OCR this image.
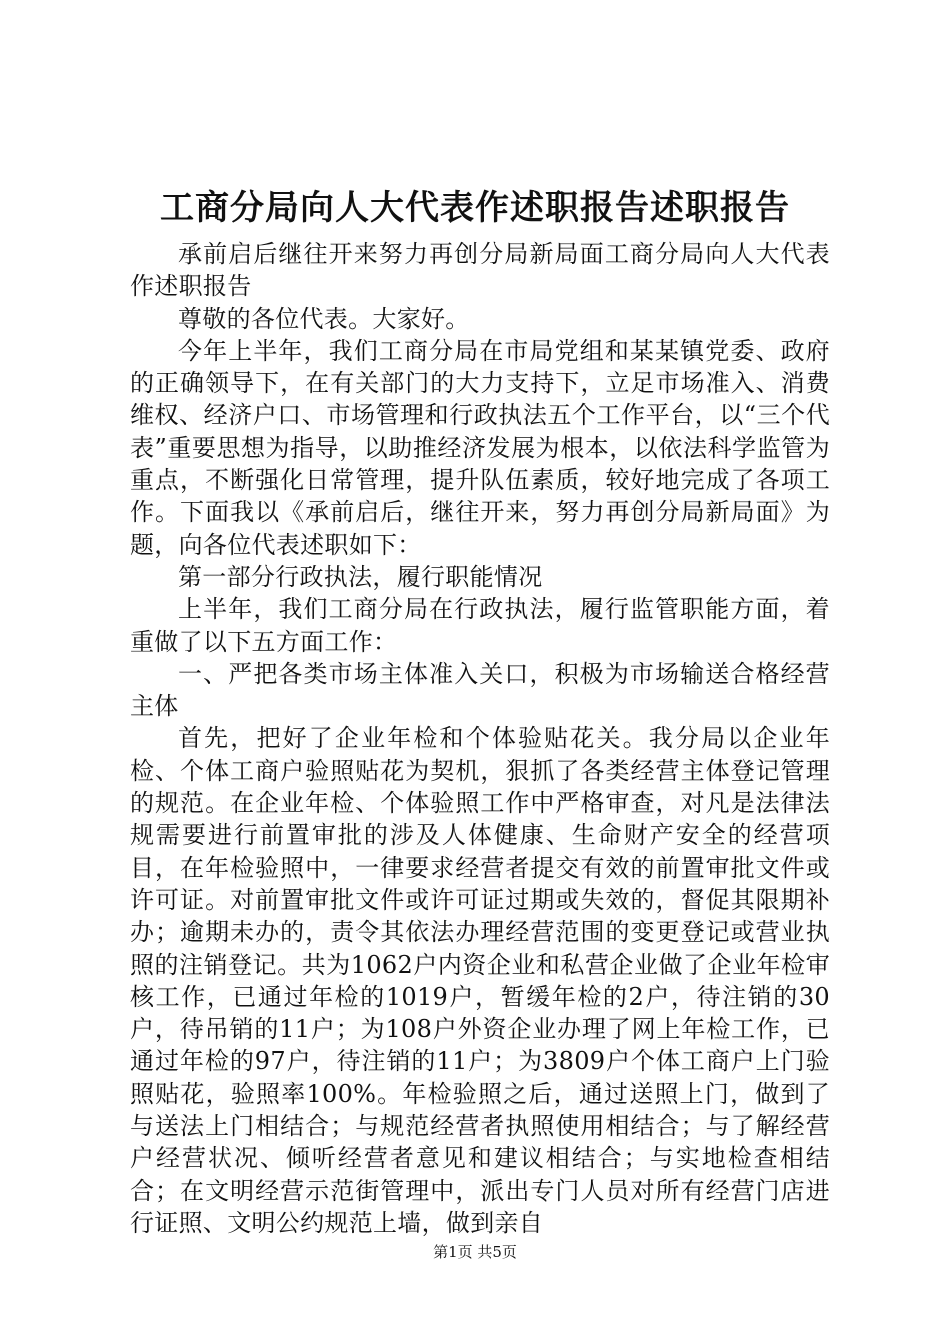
工商分局向人大代表作述职报告述职报告

承前启后继往开来努力再创分局新局面工商分局向人大代表作述职报告

尊敬的各位代表。大家好。

今年上半年，我们工商分局在市局党组和某某镇党委、政府的正确领导下，在有关部门的大力支持下，立足市场准入、消费维权、经济户口、市场管理和行政执法五个工作平台，以“三个代表”重要思想为指导，以助推经济发展为根本，以依法科学监管为重点，不断强化日常管理，提升队伍素质，较好地完成了各项工作。下面我以《承前启后，继往开来，努力再创分局新局面》为题，向各位代表述职如下：

第一部分行政执法，履行职能情况

上半年，我们工商分局在行政执法，履行监管职能方面，着重做了以下五方面工作：

一、严把各类市场主体准入关口，积极为市场输送合格经营主体

首先，把好了企业年检和个体验贴花关。我分局以企业年检、个体工商户验照贴花为契机，狠抓了各类经营主体登记管理的规范。在企业年检、个体验照工作中严格审查，对凡是法律法规需要进行前置审批的涉及人体健康、生命财产安全的经营项目，在年检验照中，一律要求经营者提交有效的前置审批文件或许可证。对前置审批文件或许可证过期或失效的，督促其限期补办；逾期未办的，责令其依法办理经营范围的变更登记或营业执照的注销登记。共为1062户内资企业和私营企业做了企业年检审核工作，已通过年检的1019户，暂缓年检的2户，待注销的30户，待吊销的11户；为108户外资企业办理了网上年检工作，已通过年检的97户，待注销的11户；为3809户个体工商户上门验照贴花，验照率100%。年检验照之后，通过送照上门，做到了与送法上门相结合；与规范经营者执照使用相结合；与了解经营户经营状况、倾听经营者意见和建议相结合；与实地检查相结合；在文明经营示范街管理中，派出专门人员对所有经营门店进行证照、文明公约规范上墙，做到亲自

第1页 共5页
